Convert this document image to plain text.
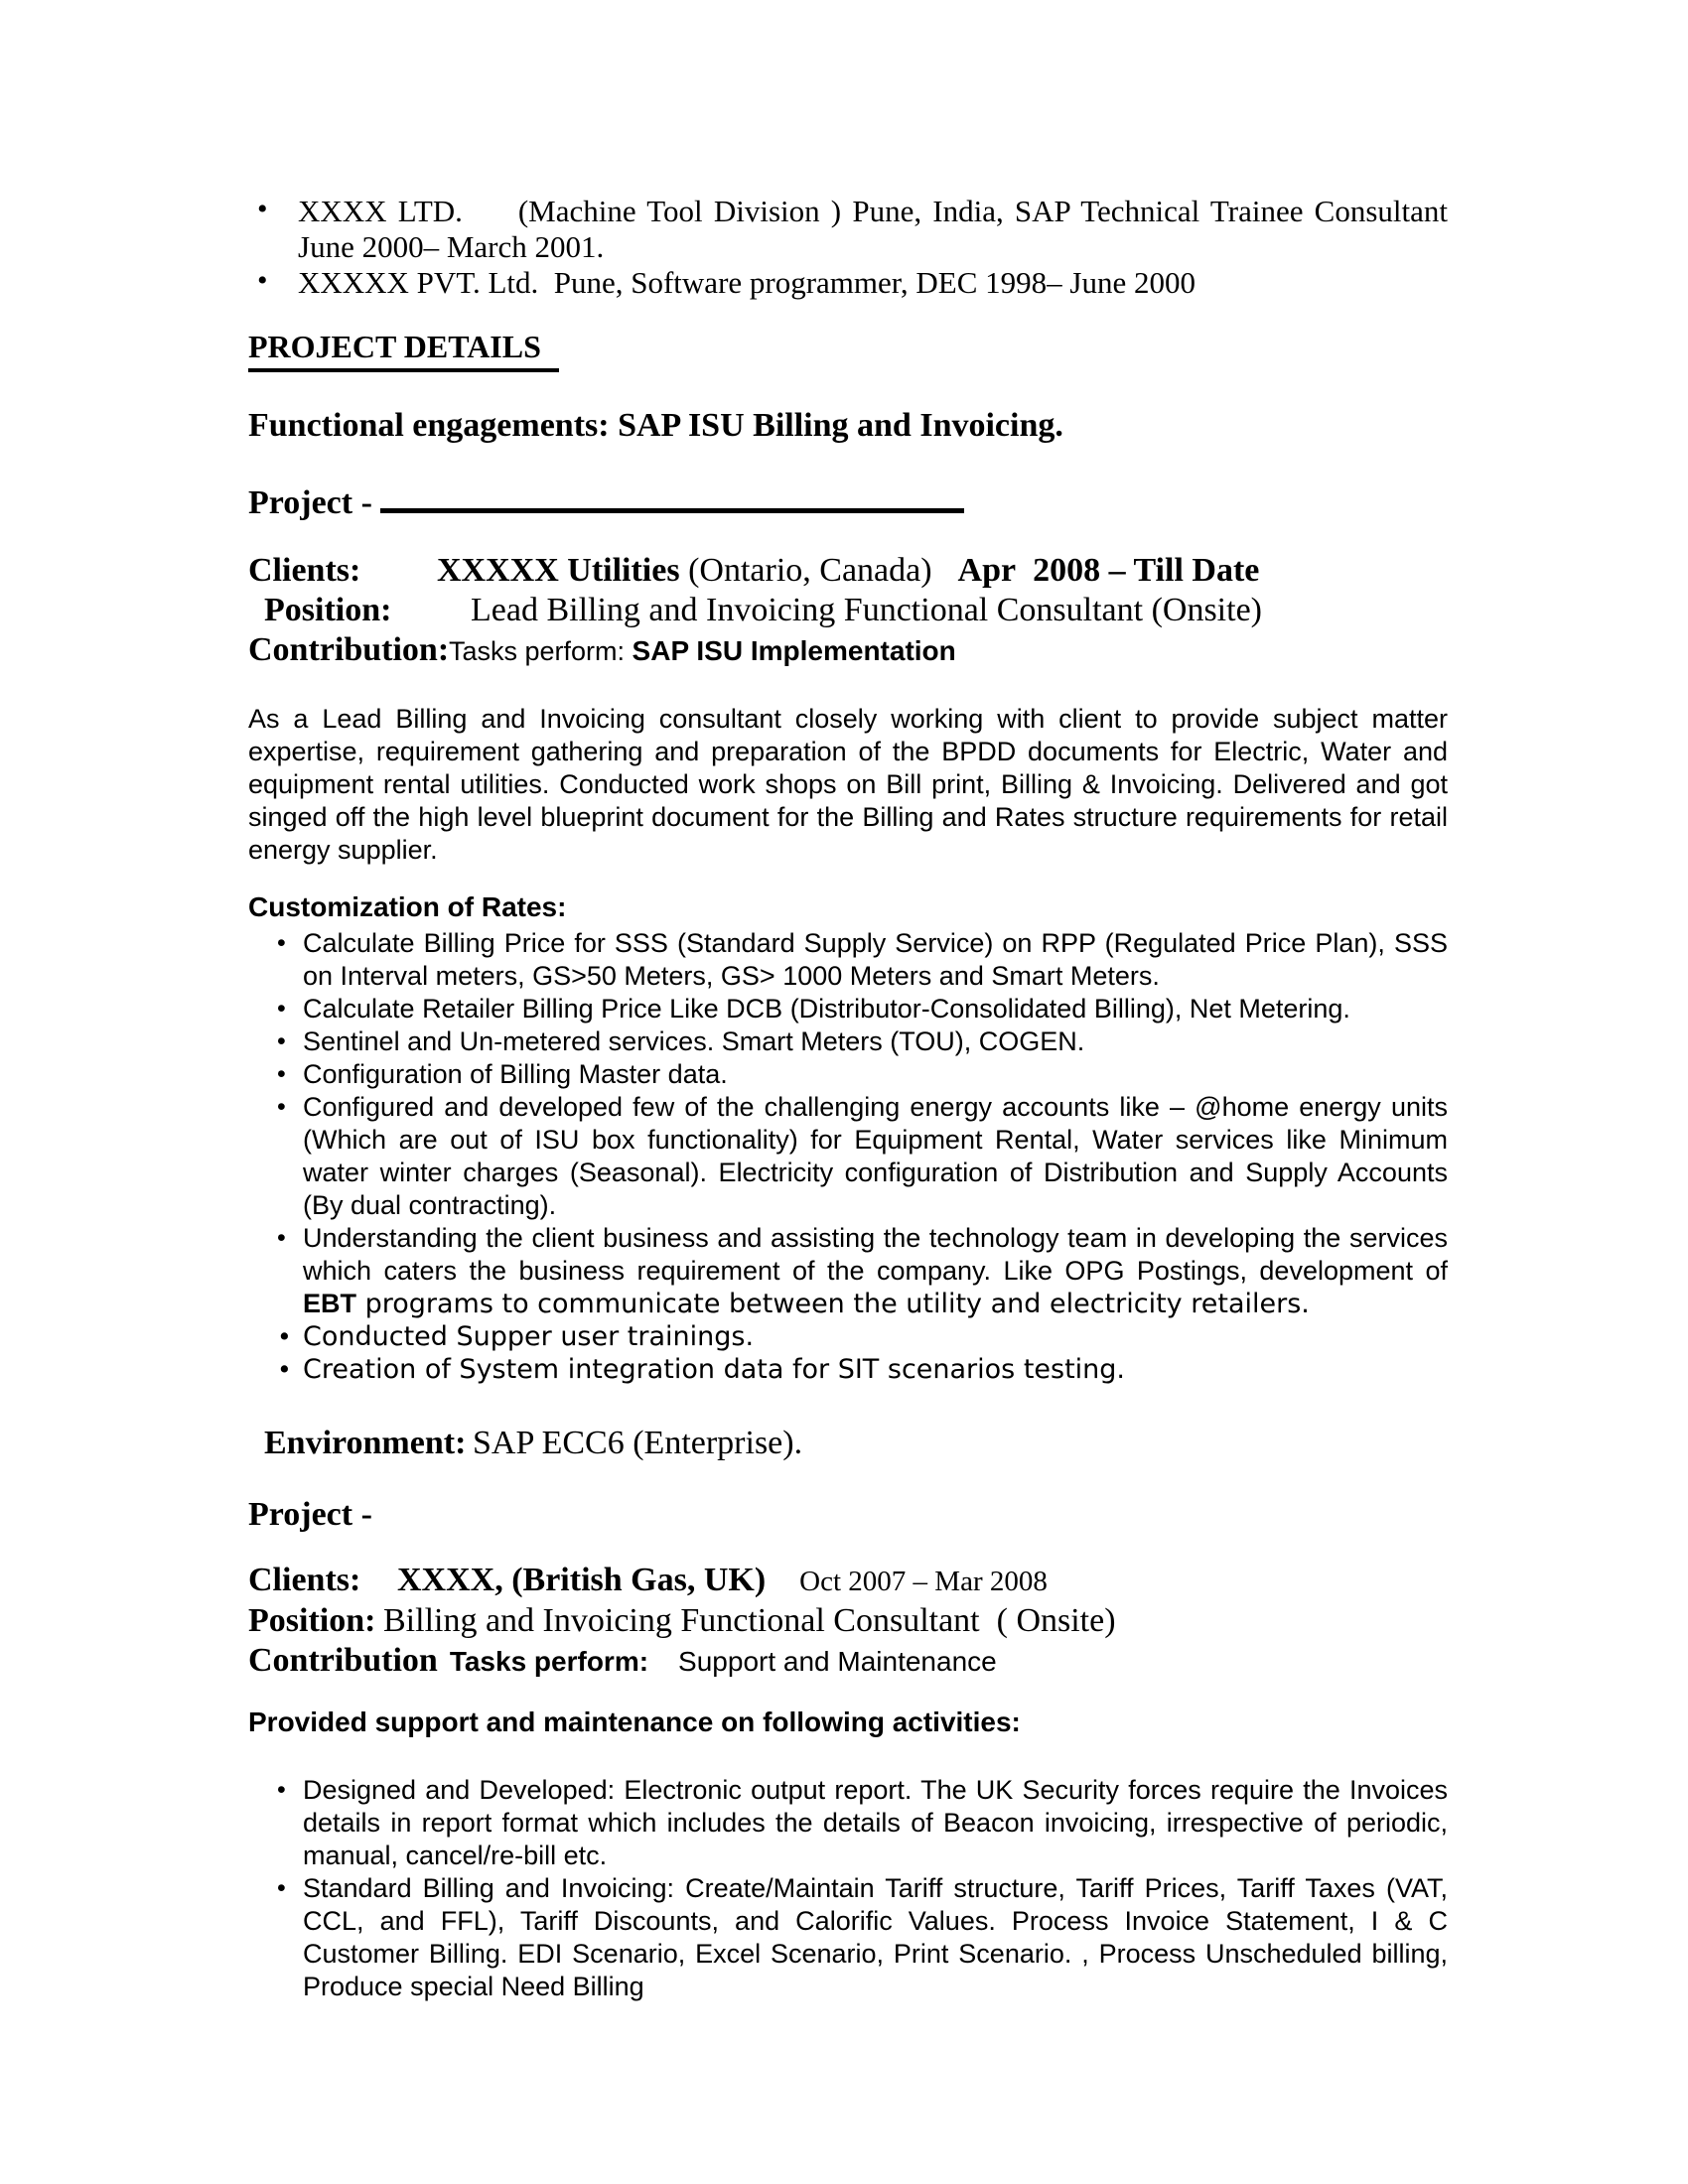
• XXXX LTD.     (Machine Tool Division ) Pune, India, SAP Technical Trainee Consultant June 2000– March 2001.
• XXXXX PVT. Ltd.  Pune, Software programmer, DEC 1998– June 2000
PROJECT DETAILS
Functional engagements: SAP ISU Billing and Invoicing.
Project -
Clients:	XXXXX Utilities (Ontario, Canada) Apr  2008 – Till Date
Position:	Lead Billing and Invoicing Functional Consultant (Onsite)
Contribution: Tasks perform: SAP ISU Implementation

As a Lead Billing and Invoicing consultant closely working with client to provide subject matter expertise, requirement gathering and preparation of the BPDD documents for Electric, Water and equipment rental utilities. Conducted work shops on Bill print, Billing & Invoicing. Delivered and got singed off the high level blueprint document for the Billing and Rates structure requirements for retail energy supplier.

Customization of Rates:
• Calculate Billing Price for SSS (Standard Supply Service) on RPP (Regulated Price Plan), SSS on Interval meters, GS>50 Meters, GS> 1000 Meters and Smart Meters.
• Calculate Retailer Billing Price Like DCB (Distributor-Consolidated Billing), Net Metering.
• Sentinel and Un-metered services. Smart Meters (TOU), COGEN.
• Configuration of Billing Master data.
• Configured and developed few of the challenging energy accounts like – @home energy units (Which are out of ISU box functionality) for Equipment Rental, Water services like Minimum water winter charges (Seasonal). Electricity configuration of Distribution and Supply Accounts (By dual contracting).
• Understanding the client business and assisting the technology team in developing the services which caters the business requirement of the company. Like OPG Postings, development of EBT programs to communicate between the utility and electricity retailers.
• Conducted Supper user trainings.
• Creation of System integration data for SIT scenarios testing.
Environment: SAP ECC6 (Enterprise).
Project -
Clients:	XXXX, (British Gas, UK) Oct 2007 – Mar 2008
Position: Billing and Invoicing Functional Consultant  ( Onsite)
Contribution Tasks perform: Support and Maintenance
Provided support and maintenance on following activities:
• Designed and Developed: Electronic output report. The UK Security forces require the Invoices details in report format which includes the details of Beacon invoicing, irrespective of periodic, manual, cancel/re-bill etc.
• Standard Billing and Invoicing: Create/Maintain Tariff structure, Tariff Prices, Tariff Taxes (VAT, CCL, and FFL), Tariff Discounts, and Calorific Values. Process Invoice Statement, I & C Customer Billing. EDI Scenario, Excel Scenario, Print Scenario. , Process Unscheduled billing, Produce special Need Billing
